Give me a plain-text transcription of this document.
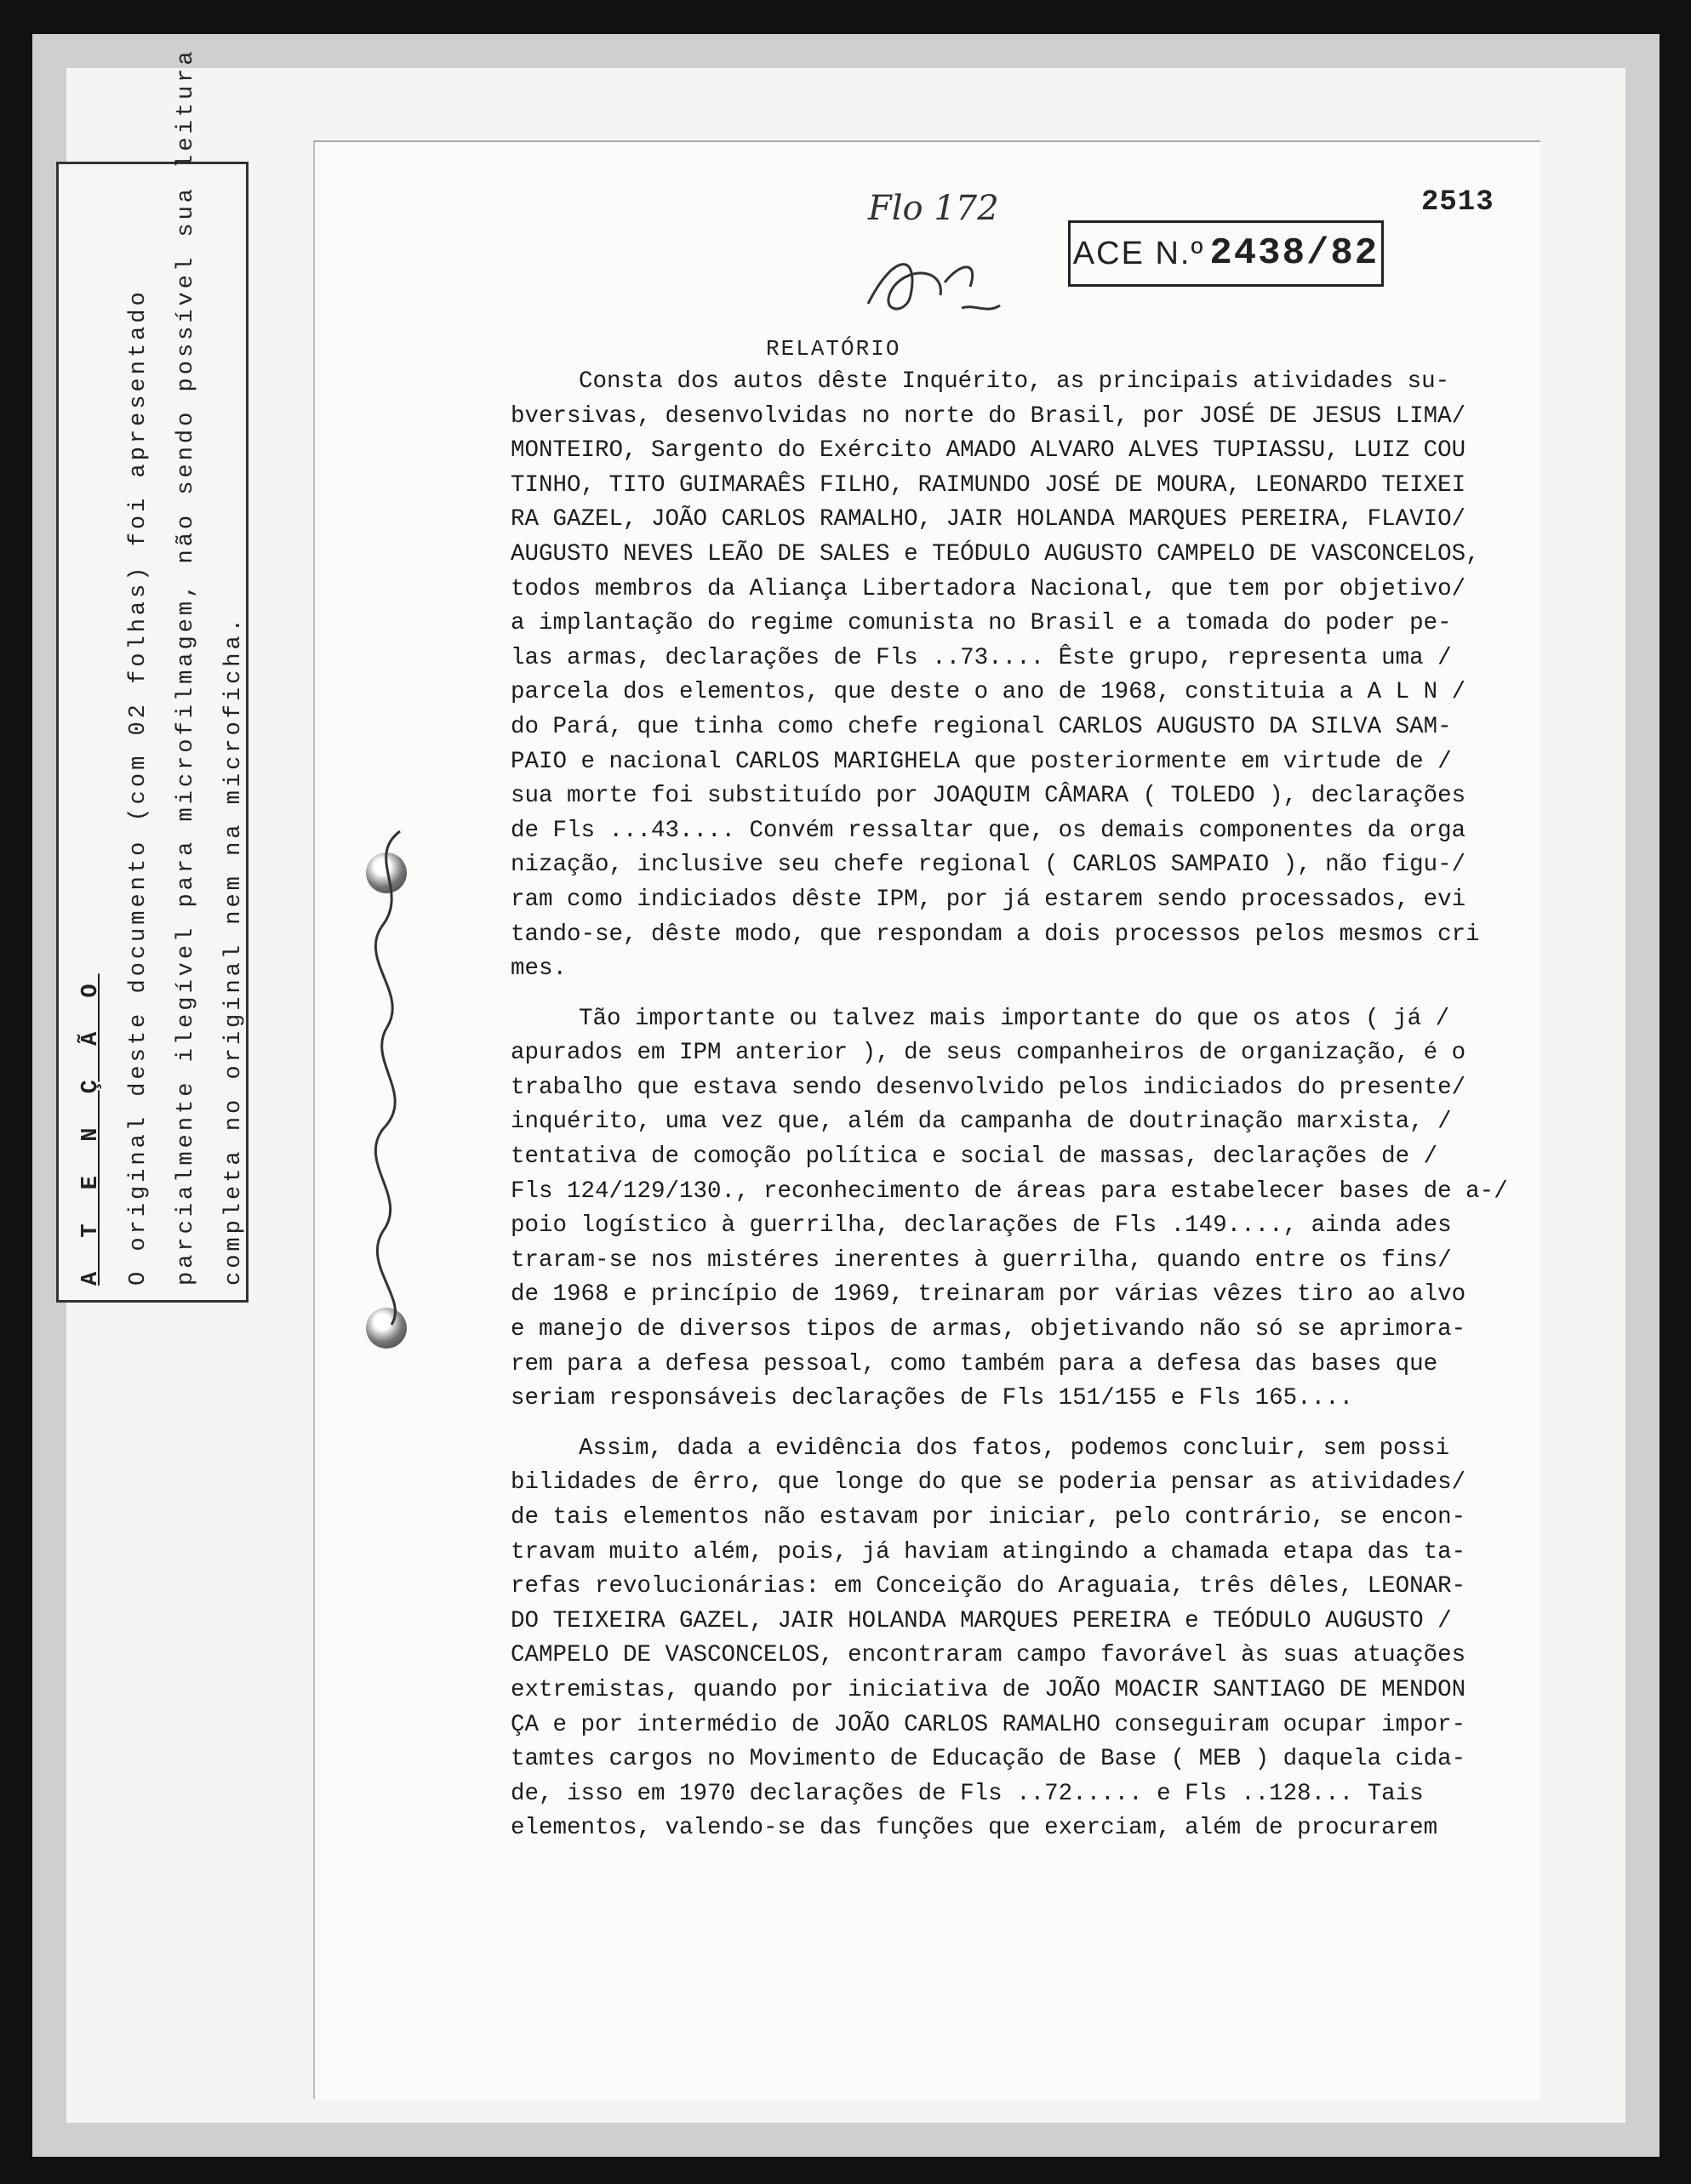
A T E N Ç Ã O O original deste documento (com 02 folhas) foi apresentado parcialmente ilegível para microfilmagem, não sendo possível sua leitura completa no original nem na microficha.
Flo 172
ACE N.º 2438/82
2513
RELATÓRIO

Consta dos autos dêste Inquérito, as principais atividades su-
bversivas, desenvolvidas no norte do Brasil, por JOSÉ DE JESUS LIMA/
MONTEIRO, Sargento do Exército AMADO ALVARO ALVES TUPIASSU, LUIZ COU
TINHO, TITO GUIMARAÊS FILHO, RAIMUNDO JOSÉ DE MOURA, LEONARDO TEIXEI
RA GAZEL, JOÃO CARLOS RAMALHO, JAIR HOLANDA MARQUES PEREIRA, FLAVIO/
AUGUSTO NEVES LEÃO DE SALES e TEÓDULO AUGUSTO CAMPELO DE VASCONCELOS,
todos membros da Aliança Libertadora Nacional, que tem por objetivo/
a implantação do regime comunista no Brasil e a tomada do poder pe-
las armas, declarações de Fls ..73.... Êste grupo, representa uma /
parcela dos elementos, que deste o ano de 1968, constituia a A L N /
do Pará, que tinha como chefe regional CARLOS AUGUSTO DA SILVA SAM-
PAIO e nacional CARLOS MARIGHELA que posteriormente em virtude de /
sua morte foi substituído por JOAQUIM CÂMARA ( TOLEDO ), declarações
de Fls ...43.... Convém ressaltar que, os demais componentes da orga
nização, inclusive seu chefe regional ( CARLOS SAMPAIO ), não figu-/
ram como indiciados dêste IPM, por já estarem sendo processados, evi
tando-se, dêste modo, que respondam a dois processos pelos mesmos cri
mes.

Tão importante ou talvez mais importante do que os atos ( já /
apurados em IPM anterior ), de seus companheiros de organização, é o
trabalho que estava sendo desenvolvido pelos indiciados do presente/
inquérito, uma vez que, além da campanha de doutrinação marxista, /
tentativa de comoção política e social de massas, declarações de /
Fls 124/129/130., reconhecimento de áreas para estabelecer bases de a-/
poio logístico à guerrilha, declarações de Fls .149...., ainda ades
traram-se nos mistéres inerentes à guerrilha, quando entre os fins/
de 1968 e princípio de 1969, treinaram por várias vêzes tiro ao alvo
e manejo de diversos tipos de armas, objetivando não só se aprimora-
rem para a defesa pessoal, como também para a defesa das bases que
seriam responsáveis declarações de Fls 151/155 e Fls 165....

Assim, dada a evidência dos fatos, podemos concluir, sem possi
bilidades de êrro, que longe do que se poderia pensar as atividades/
de tais elementos não estavam por iniciar, pelo contrário, se encon-
travam muito além, pois, já haviam atingindo a chamada etapa das ta-
refas revolucionárias: em Conceição do Araguaia, três dêles, LEONAR-
DO TEIXEIRA GAZEL, JAIR HOLANDA MARQUES PEREIRA e TEÓDULO AUGUSTO /
CAMPELO DE VASCONCELOS, encontraram campo favorável às suas atuações
extremistas, quando por iniciativa de JOÃO MOACIR SANTIAGO DE MENDON
ÇA e por intermédio de JOÃO CARLOS RAMALHO conseguiram ocupar impor-
tamtes cargos no Movimento de Educação de Base ( MEB ) daquela cida-
de, isso em 1970 declarações de Fls ..72..... e Fls ..128... Tais
elementos, valendo-se das funções que exerciam, além de procurarem
